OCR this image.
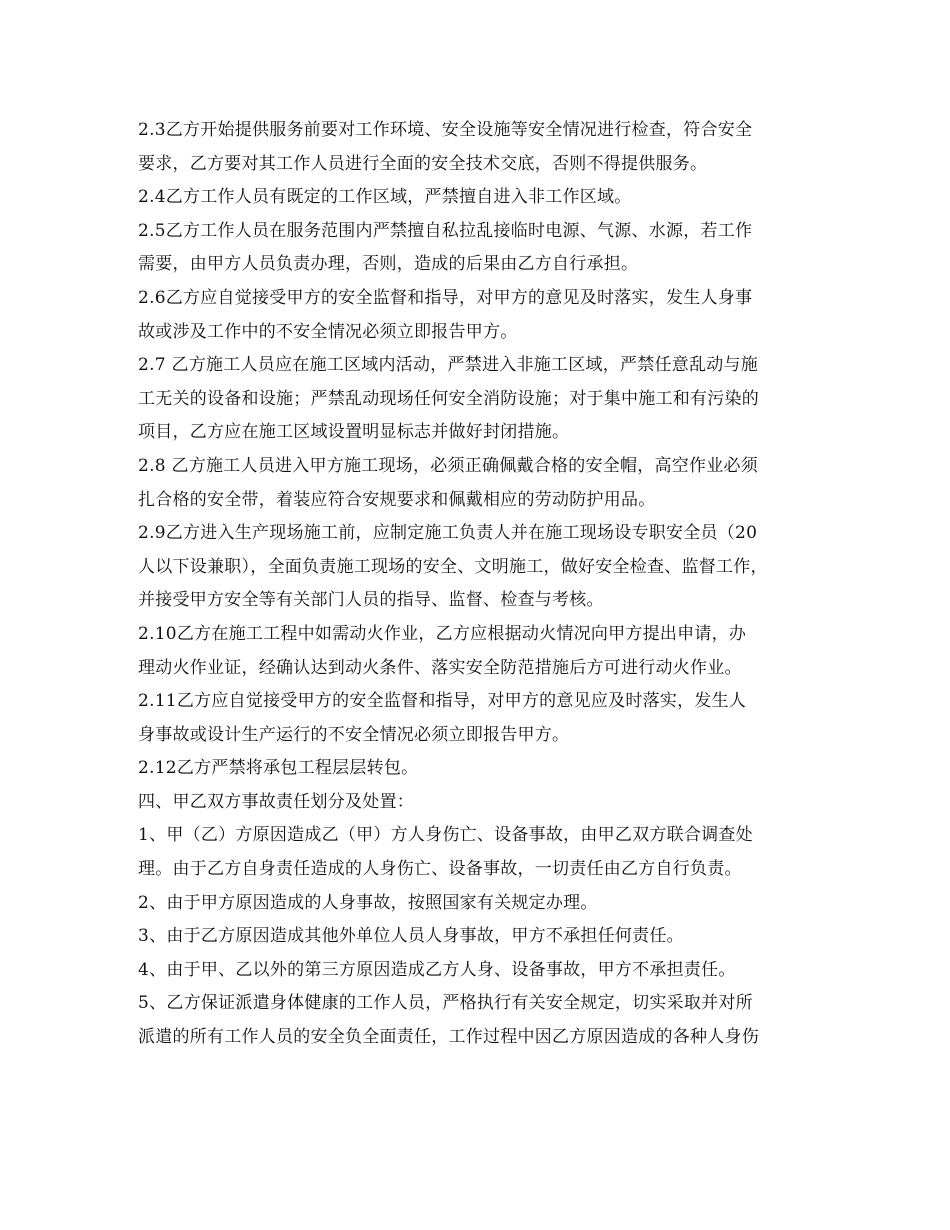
2.3乙方开始提供服务前要对工作环境、安全设施等安全情况进行检查，符合安全
要求，乙方要对其工作人员进行全面的安全技术交底，否则不得提供服务。
2.4乙方工作人员有既定的工作区域，严禁擅自进入非工作区域。
2.5乙方工作人员在服务范围内严禁擅自私拉乱接临时电源、气源、水源，若工作
需要，由甲方人员负责办理，否则，造成的后果由乙方自行承担。
2.6乙方应自觉接受甲方的安全监督和指导，对甲方的意见及时落实，发生人身事
故或涉及工作中的不安全情况必须立即报告甲方。
2.7 乙方施工人员应在施工区域内活动，严禁进入非施工区域，严禁任意乱动与施
工无关的设备和设施；严禁乱动现场任何安全消防设施；对于集中施工和有污染的
项目，乙方应在施工区域设置明显标志并做好封闭措施。
2.8 乙方施工人员进入甲方施工现场，必须正确佩戴合格的安全帽，高空作业必须
扎合格的安全带，着装应符合安规要求和佩戴相应的劳动防护用品。
2.9乙方进入生产现场施工前，应制定施工负责人并在施工现场设专职安全员（20
人以下设兼职），全面负责施工现场的安全、文明施工，做好安全检查、监督工作，
并接受甲方安全等有关部门人员的指导、监督、检查与考核。
2.10乙方在施工工程中如需动火作业，乙方应根据动火情况向甲方提出申请，办
理动火作业证，经确认达到动火条件、落实安全防范措施后方可进行动火作业。
2.11乙方应自觉接受甲方的安全监督和指导，对甲方的意见应及时落实，发生人
身事故或设计生产运行的不安全情况必须立即报告甲方。
2.12乙方严禁将承包工程层层转包。
四、甲乙双方事故责任划分及处置：
1、甲（乙）方原因造成乙（甲）方人身伤亡、设备事故，由甲乙双方联合调查处
理。由于乙方自身责任造成的人身伤亡、设备事故，一切责任由乙方自行负责。
2、由于甲方原因造成的人身事故，按照国家有关规定办理。
3、由于乙方原因造成其他外单位人员人身事故，甲方不承担任何责任。
4、由于甲、乙以外的第三方原因造成乙方人身、设备事故，甲方不承担责任。
5、乙方保证派遣身体健康的工作人员，严格执行有关安全规定，切实采取并对所
派遣的所有工作人员的安全负全面责任，工作过程中因乙方原因造成的各种人身伤
